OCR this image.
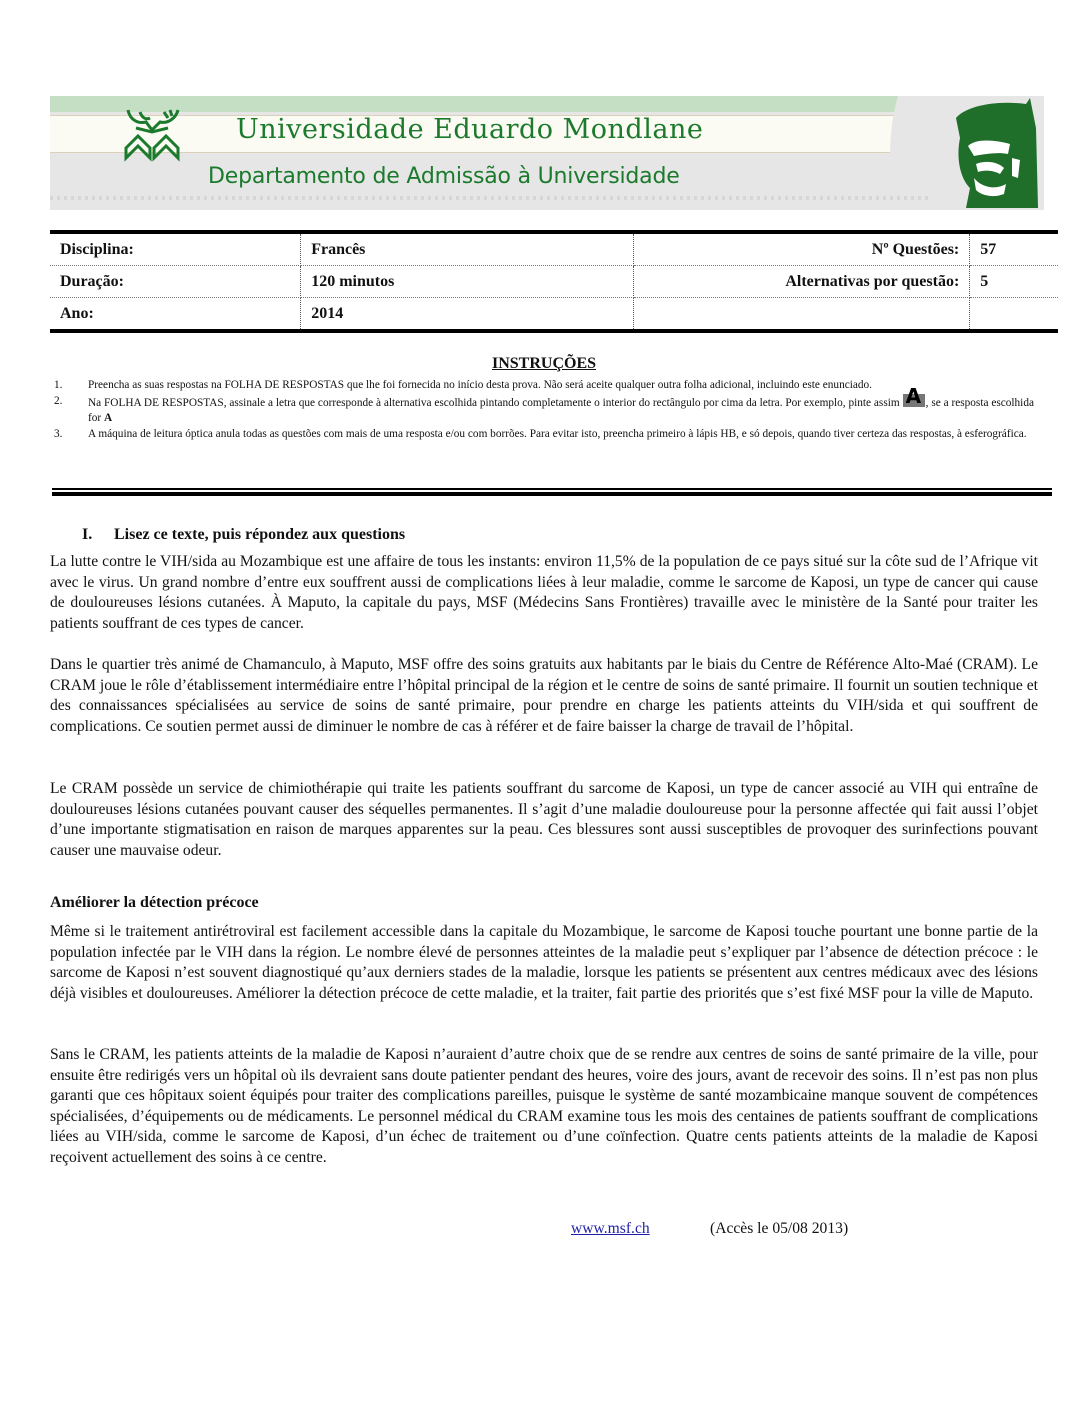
Universidade Eduardo Mondlane
Departamento de Admissão à Universidade
Disciplina:	Francês	Nº Questões:	57
Duração:	120 minutos	Alternativas por questão:	5
Ano:	2014		
INSTRUÇÕES
1.	Preencha as suas respostas na FOLHA DE RESPOSTAS que lhe foi fornecida no início desta prova. Não será aceite qualquer outra folha adicional, incluindo este enunciado.
2.	Na FOLHA DE RESPOSTAS, assinale a letra que corresponde à alternativa escolhida pintando completamente o interior do rectângulo por cima da letra. Por exemplo, pinte assim A , se a resposta escolhida for A
3.	A máquina de leitura óptica anula todas as questões com mais de uma resposta e/ou com borrões. Para evitar isto, preencha primeiro à lápis HB, e só depois, quando tiver certeza das respostas, à esferográfica.
I. Lisez ce texte, puis répondez aux questions

La lutte contre le VIH/sida au Mozambique est une affaire de tous les instants: environ 11,5% de la population de ce pays situé sur la côte sud de l’Afrique vit avec le virus. Un grand nombre d’entre eux souffrent aussi de complications liées à leur maladie, comme le sarcome de Kaposi, un type de cancer qui cause de douloureuses lésions cutanées. À Maputo, la capitale du pays, MSF (Médecins Sans Frontières) travaille avec le ministère de la Santé pour traiter les patients souffrant de ces types de cancer.

Dans le quartier très animé de Chamanculo, à Maputo, MSF offre des soins gratuits aux habitants par le biais du Centre de Référence Alto-Maé (CRAM). Le CRAM joue le rôle d’établissement intermédiaire entre l’hôpital principal de la région et le centre de soins de santé primaire. Il fournit un soutien technique et des connaissances spécialisées au service de soins de santé primaire, pour prendre en charge les patients atteints du VIH/sida et qui souffrent de complications. Ce soutien permet aussi de diminuer le nombre de cas à référer et de faire baisser la charge de travail de l’hôpital.

Le CRAM possède un service de chimiothérapie qui traite les patients souffrant du sarcome de Kaposi, un type de cancer associé au VIH qui entraîne de douloureuses lésions cutanées pouvant causer des séquelles permanentes. Il s’agit d’une maladie douloureuse pour la personne affectée qui fait aussi l’objet d’une importante stigmatisation en raison de marques apparentes sur la peau. Ces blessures sont aussi susceptibles de provoquer des surinfections pouvant causer une mauvaise odeur.

Améliorer la détection précoce

Même si le traitement antirétroviral est facilement accessible dans la capitale du Mozambique, le sarcome de Kaposi touche pourtant une bonne partie de la population infectée par le VIH dans la région. Le nombre élevé de personnes atteintes de la maladie peut s’expliquer par l’absence de détection précoce : le sarcome de Kaposi n’est souvent diagnostiqué qu’aux derniers stades de la maladie, lorsque les patients se présentent aux centres médicaux avec des lésions déjà visibles et douloureuses. Améliorer la détection précoce de cette maladie, et la traiter, fait partie des priorités que s’est fixé MSF pour la ville de Maputo.

Sans le CRAM, les patients atteints de la maladie de Kaposi n’auraient d’autre choix que de se rendre aux centres de soins de santé primaire de la ville, pour ensuite être redirigés vers un hôpital où ils devraient sans doute patienter pendant des heures, voire des jours, avant de recevoir des soins. Il n’est pas non plus garanti que ces hôpitaux soient équipés pour traiter des complications pareilles, puisque le système de santé mozambicaine manque souvent de compétences spécialisées, d’équipements ou de médicaments. Le personnel médical du CRAM examine tous les mois des centaines de patients souffrant de complications liées au VIH/sida, comme le sarcome de Kaposi, d’un échec de traitement ou d’une coïnfection. Quatre cents patients atteints de la maladie de Kaposi reçoivent actuellement des soins à ce centre.

www.msf.ch	(Accès le 05/08 2013)
